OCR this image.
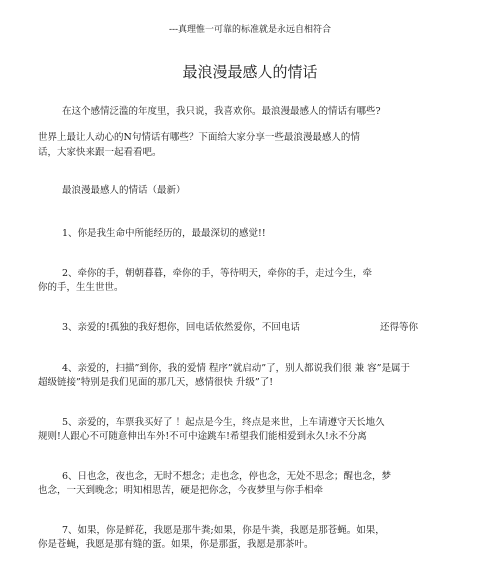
---真理惟一可靠的标准就是永远自相符合
最浪漫最感人的情话
在这个感情泛滥的年度里，我只说，我喜欢你。最浪漫最感人的情话有哪些?
世界上最让人动心的N句情话有哪些？下面给大家分享一些最浪漫最感人的情
话，大家快来跟一起看看吧。
最浪漫最感人的情话（最新）
1、你是我生命中所能经历的，最最深切的感觉!!
2、牵你的手，朝朝暮暮，牵你的手，等待明天，牵你的手，走过今生，牵
你的手，生生世世。
3、亲爱的!孤独的我好想你，回电话依然爱你，不回电话	还得等你
4、亲爱的，扫描”到你，我的爱情 程序”就启动”了，别人都说我们很 兼 容”是属于
超级链接”特别是我们见面的那几天，感情很快 升级”了!
5、亲爱的，车票我买好了 ！起点是今生，终点是来世，上车请遵守天长地久
规则!人跟心不可随意伸出车外!不可中途跳车!希望我们能相爱到永久!永不分离
6、日也念，夜也念，无时不想念；走也念，停也念，无处不思念；醒也念，梦
也念，一天到晚念；明知相思苦，硬是把你念，今夜梦里与你手相牵
7、如果，你是鲜花，我愿是那牛粪;如果，你是牛粪，我愿是那苍蝇。如果，
你是苍蝇，我愿是那有缝的蛋。如果，你是那蛋，我愿是那茶叶。
